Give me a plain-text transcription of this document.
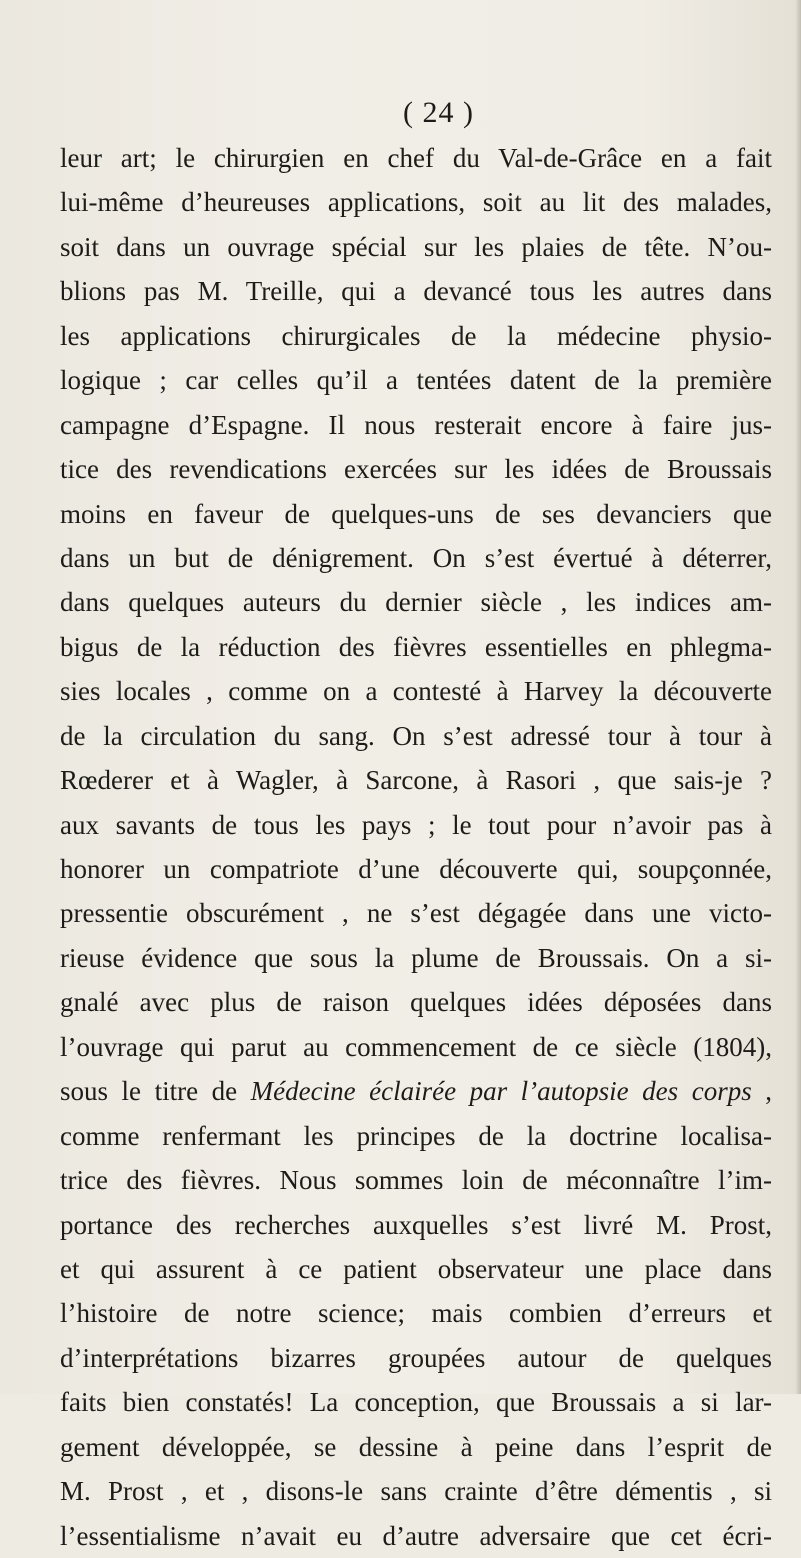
( 24 )
leur art; le chirurgien en chef du Val-de-Grâce en a fait
lui-même d’heureuses applications, soit au lit des malades,
soit dans un ouvrage spécial sur les plaies de tête. N’ou-
blions pas M. Treille, qui a devancé tous les autres dans
les applications chirurgicales de la médecine physio-
logique ; car celles qu’il a tentées datent de la première
campagne d’Espagne. Il nous resterait encore à faire jus-
tice des revendications exercées sur les idées de Broussais
moins en faveur de quelques-uns de ses devanciers que
dans un but de dénigrement. On s’est évertué à déterrer,
dans quelques auteurs du dernier siècle , les indices am-
bigus de la réduction des fièvres essentielles en phlegma-
sies locales , comme on a contesté à Harvey la découverte
de la circulation du sang. On s’est adressé tour à tour à
Rœderer et à Wagler, à Sarcone, à Rasori , que sais-je ?
aux savants de tous les pays ; le tout pour n’avoir pas à
honorer un compatriote d’une découverte qui, soupçonnée,
pressentie obscurément , ne s’est dégagée dans une victo-
rieuse évidence que sous la plume de Broussais. On a si-
gnalé avec plus de raison quelques idées déposées dans
l’ouvrage qui parut au commencement de ce siècle (1804),
sous le titre de Médecine éclairée par l’autopsie des corps ,
comme renfermant les principes de la doctrine localisa-
trice des fièvres. Nous sommes loin de méconnaître l’im-
portance des recherches auxquelles s’est livré M. Prost,
et qui assurent à ce patient observateur une place dans
l’histoire de notre science; mais combien d’erreurs et
d’interprétations bizarres groupées autour de quelques
faits bien constatés! La conception, que Broussais a si lar-
gement développée, se dessine à peine dans l’esprit de
M. Prost , et , disons-le sans crainte d’être démentis , si
l’essentialisme n’avait eu d’autre adversaire que cet écri-
